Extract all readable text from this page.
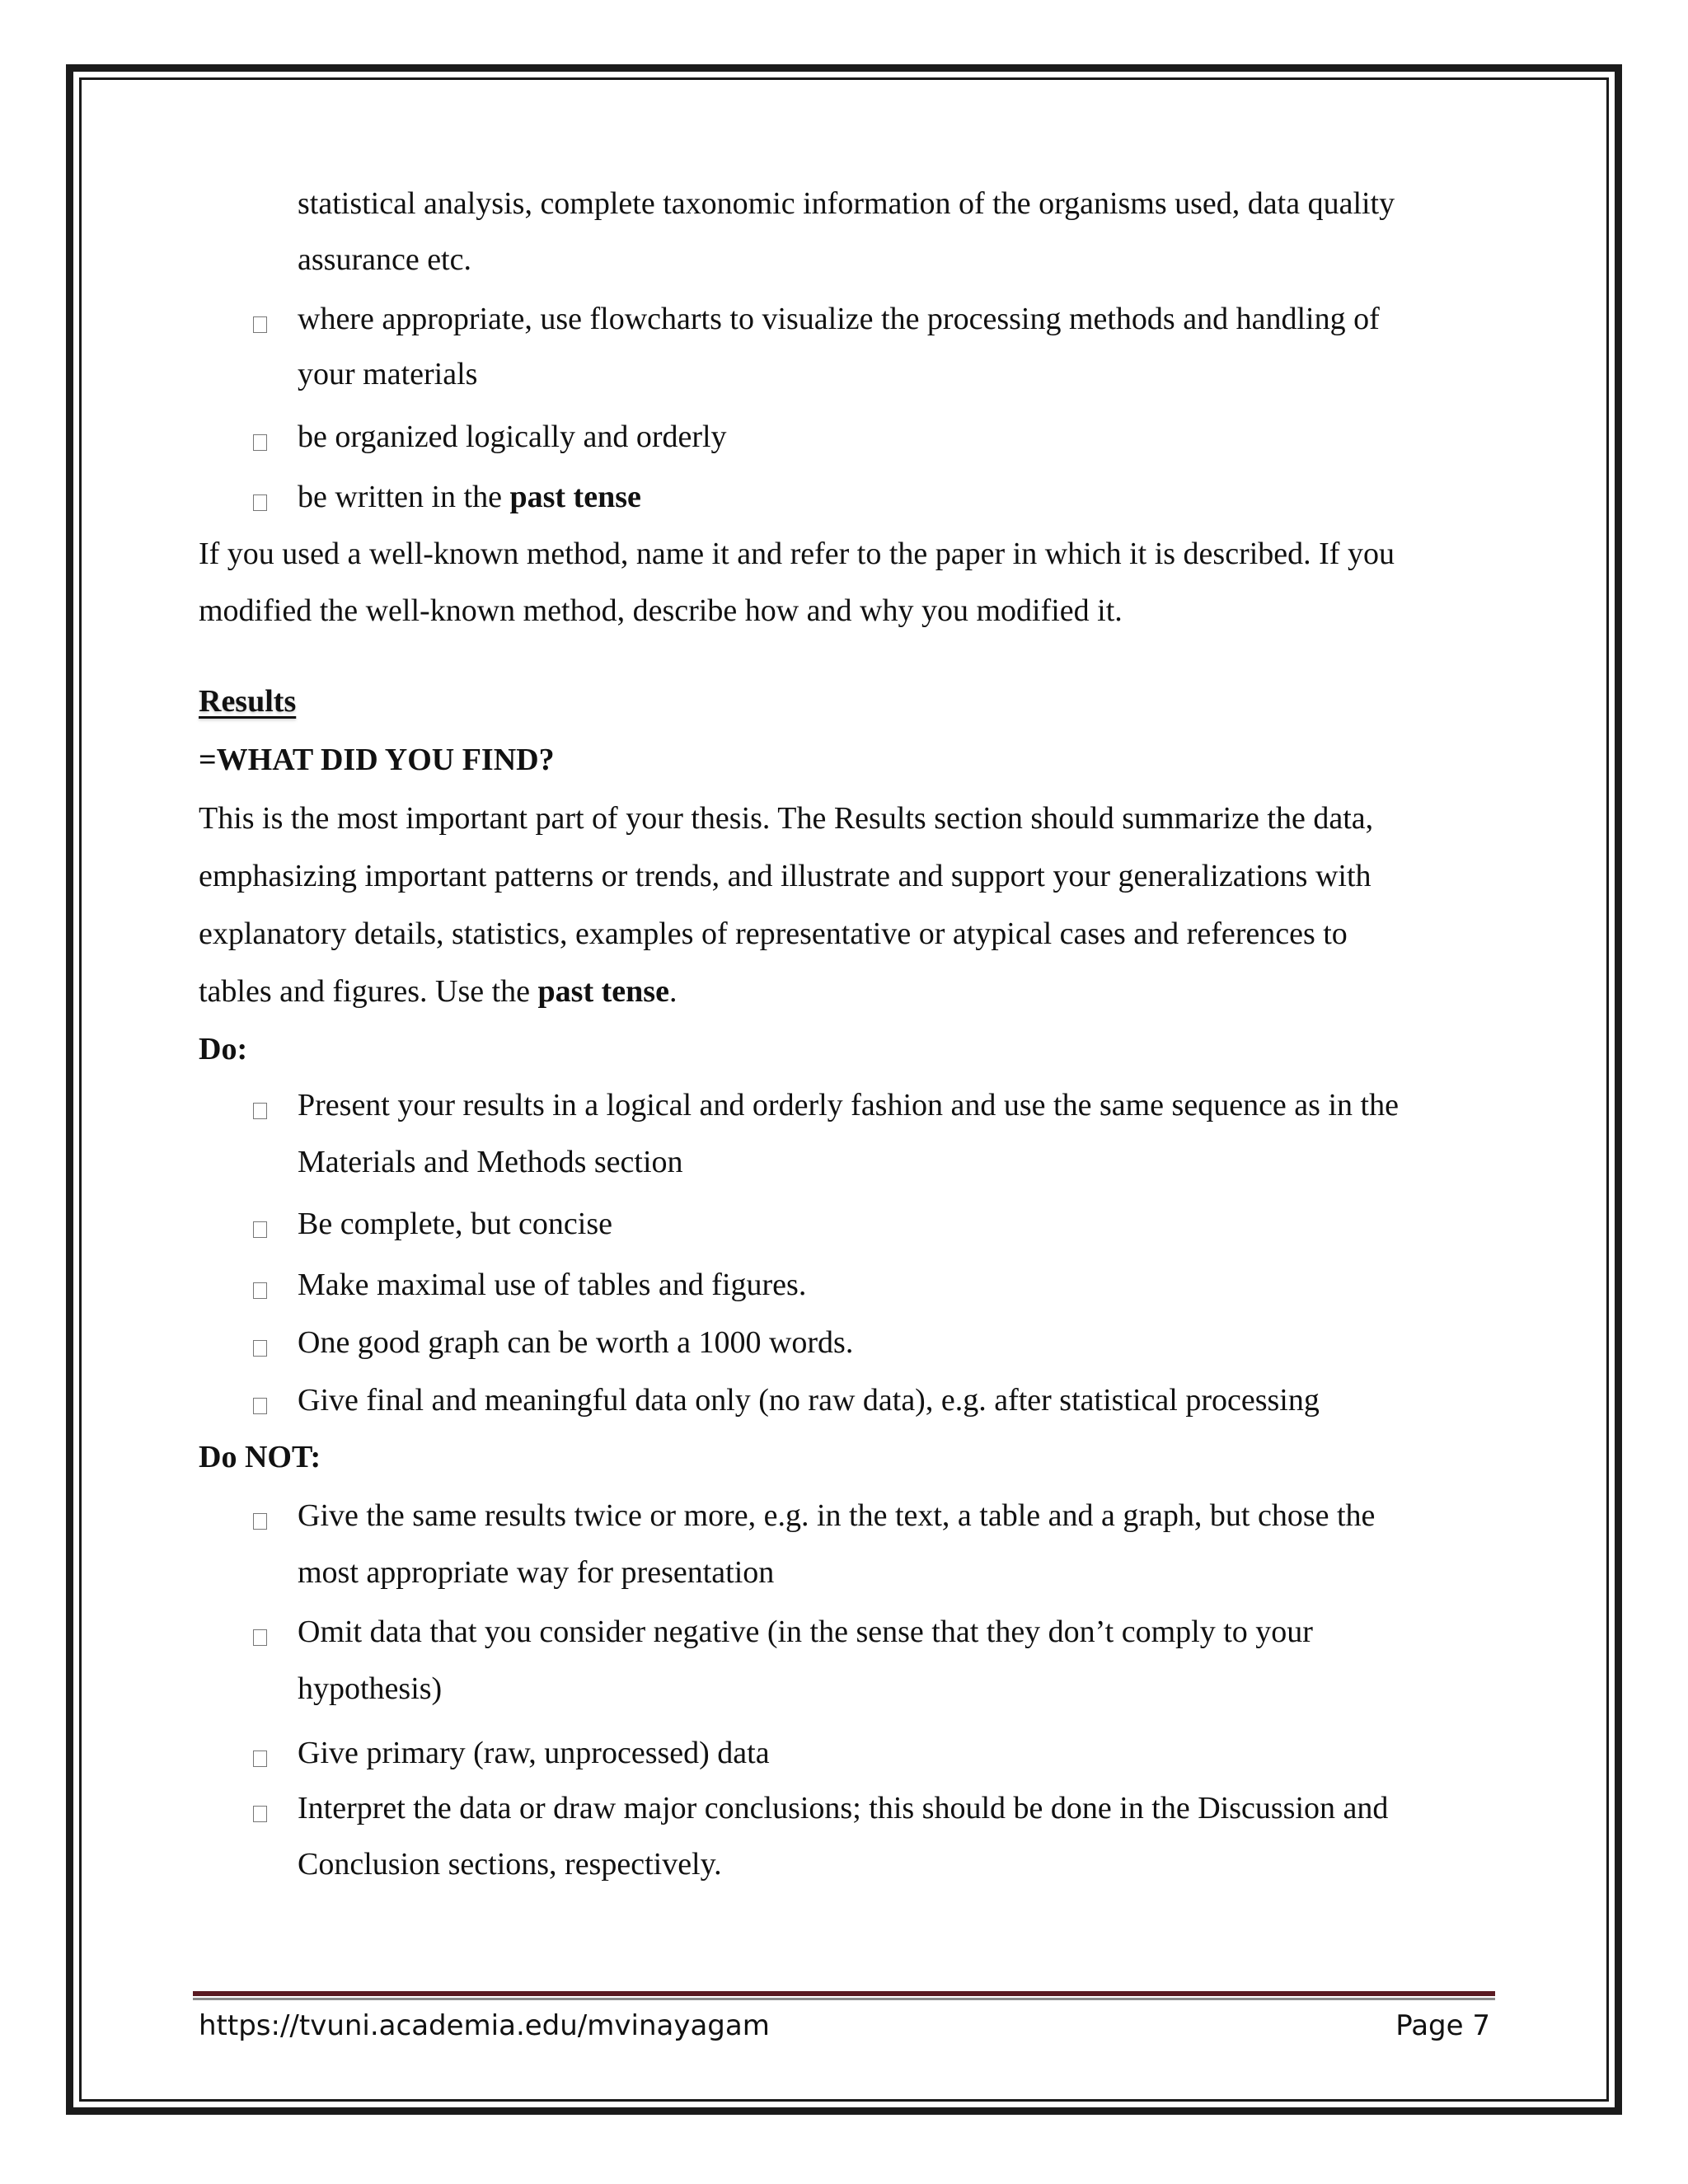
statistical analysis, complete taxonomic information of the organisms used, data quality
assurance etc.
where appropriate, use flowcharts to visualize the processing methods and handling of
your materials
be organized logically and orderly
be written in the past tense
If you used a well-known method, name it and refer to the paper in which it is described. If you
modified the well-known method, describe how and why you modified it.
Results
=WHAT DID YOU FIND?
This is the most important part of your thesis. The Results section should summarize the data,
emphasizing important patterns or trends, and illustrate and support your generalizations with
explanatory details, statistics, examples of representative or atypical cases and references to
tables and figures. Use the past tense.
Do:
Present your results in a logical and orderly fashion and use the same sequence as in the
Materials and Methods section
Be complete, but concise
Make maximal use of tables and figures.
One good graph can be worth a 1000 words.
Give final and meaningful data only (no raw data), e.g. after statistical processing
Do NOT:
Give the same results twice or more, e.g. in the text, a table and a graph, but chose the
most appropriate way for presentation
Omit data that you consider negative (in the sense that they don’t comply to your
hypothesis)
Give primary (raw, unprocessed) data
Interpret the data or draw major conclusions; this should be done in the Discussion and
Conclusion sections, respectively.
https://tvuni.academia.edu/mvinayagam	Page 7
